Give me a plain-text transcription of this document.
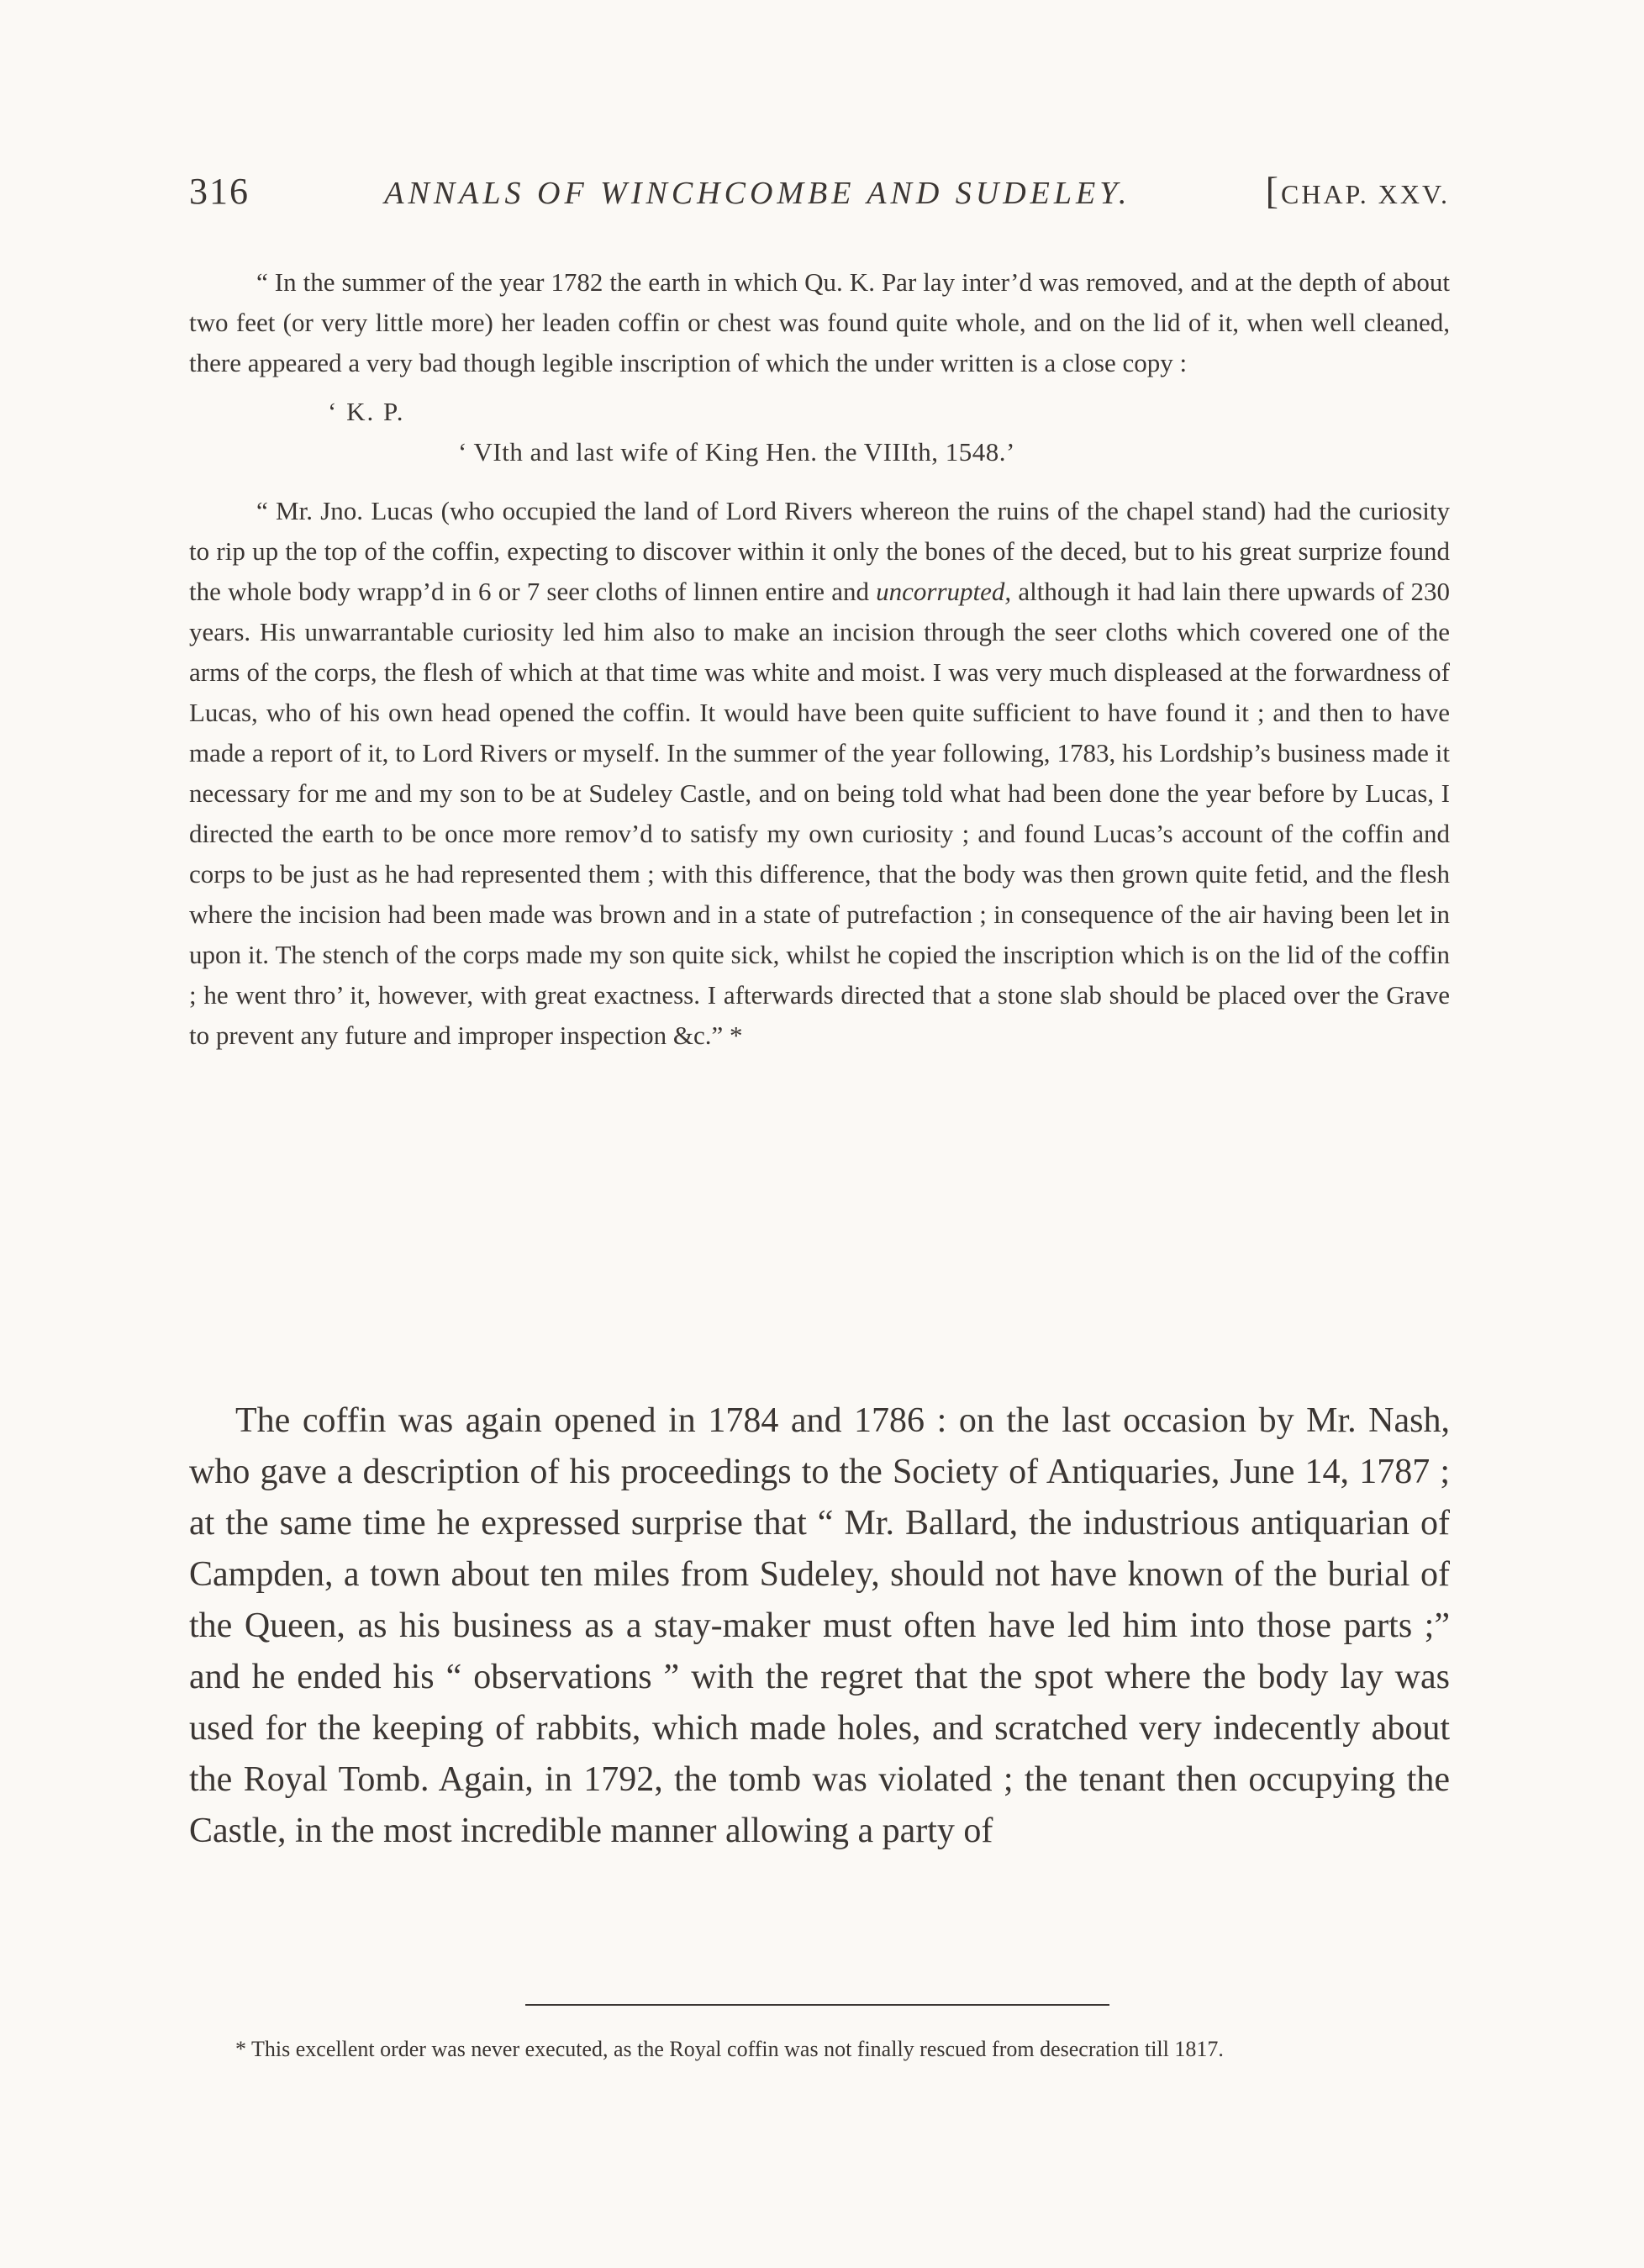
316	ANNALS OF WINCHCOMBE AND SUDELEY.	[CHAP. XXV.

“ In the summer of the year 1782 the earth in which Qu. K. Par lay inter’d was removed, and at the depth of about two feet (or very little more) her leaden coffin or chest was found quite whole, and on the lid of it, when well cleaned, there appeared a very bad though legible inscription of which the under written is a close copy :

‘ K. P.
‘ VIth and last wife of King Hen. the VIIIth, 1548.’

“ Mr. Jno. Lucas (who occupied the land of Lord Rivers whereon the ruins of the chapel stand) had the curiosity to rip up the top of the coffin, expecting to discover within it only the bones of the deced, but to his great surprize found the whole body wrapp’d in 6 or 7 seer cloths of linnen entire and uncorrupted, although it had lain there upwards of 230 years. His unwarrantable curiosity led him also to make an incision through the seer cloths which covered one of the arms of the corps, the flesh of which at that time was white and moist. I was very much displeased at the forwardness of Lucas, who of his own head opened the coffin. It would have been quite sufficient to have found it ; and then to have made a report of it, to Lord Rivers or myself. In the summer of the year following, 1783, his Lordship’s business made it necessary for me and my son to be at Sudeley Castle, and on being told what had been done the year before by Lucas, I directed the earth to be once more remov’d to satisfy my own curiosity ; and found Lucas’s account of the coffin and corps to be just as he had represented them ; with this difference, that the body was then grown quite fetid, and the flesh where the incision had been made was brown and in a state of putrefaction ; in consequence of the air having been let in upon it. The stench of the corps made my son quite sick, whilst he copied the inscription which is on the lid of the coffin ; he went thro’ it, however, with great exactness. I afterwards directed that a stone slab should be placed over the Grave to prevent any future and improper inspection &c.” *

The coffin was again opened in 1784 and 1786 : on the last occasion by Mr. Nash, who gave a description of his proceedings to the Society of Antiquaries, June 14, 1787 ; at the same time he expressed surprise that “ Mr. Ballard, the industrious antiquarian of Campden, a town about ten miles from Sudeley, should not have known of the burial of the Queen, as his business as a stay-maker must often have led him into those parts ;” and he ended his “ observations ” with the regret that the spot where the body lay was used for the keeping of rabbits, which made holes, and scratched very indecently about the Royal Tomb. Again, in 1792, the tomb was violated ; the tenant then occupying the Castle, in the most incredible manner allowing a party of

* This excellent order was never executed, as the Royal coffin was not finally rescued from desecration till 1817.
